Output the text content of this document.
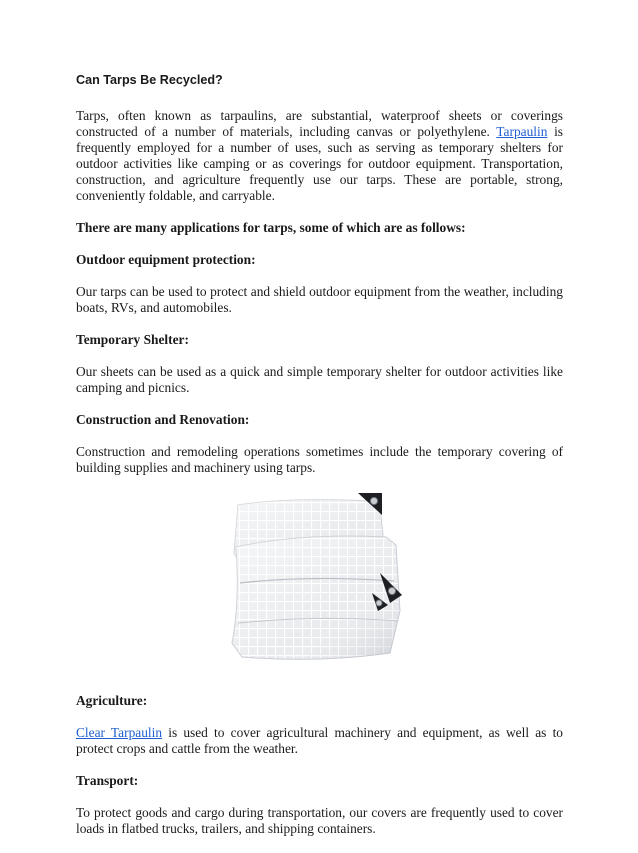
Can Tarps Be Recycled?

Tarps, often known as tarpaulins, are substantial, waterproof sheets or coverings constructed of a number of materials, including canvas or polyethylene. Tarpaulin is frequently employed for a number of uses, such as serving as temporary shelters for outdoor activities like camping or as coverings for outdoor equipment. Transportation, construction, and agriculture frequently use our tarps. These are portable, strong, conveniently foldable, and carryable.

There are many applications for tarps, some of which are as follows:

Outdoor equipment protection:

Our tarps can be used to protect and shield outdoor equipment from the weather, including boats, RVs, and automobiles.

Temporary Shelter:

Our sheets can be used as a quick and simple temporary shelter for outdoor activities like camping and picnics.

Construction and Renovation:

Construction and remodeling operations sometimes include the temporary covering of building supplies and machinery using tarps.

Agriculture:

Clear Tarpaulin is used to cover agricultural machinery and equipment, as well as to protect crops and cattle from the weather.

Transport:

To protect goods and cargo during transportation, our covers are frequently used to cover loads in flatbed trucks, trailers, and shipping containers.
